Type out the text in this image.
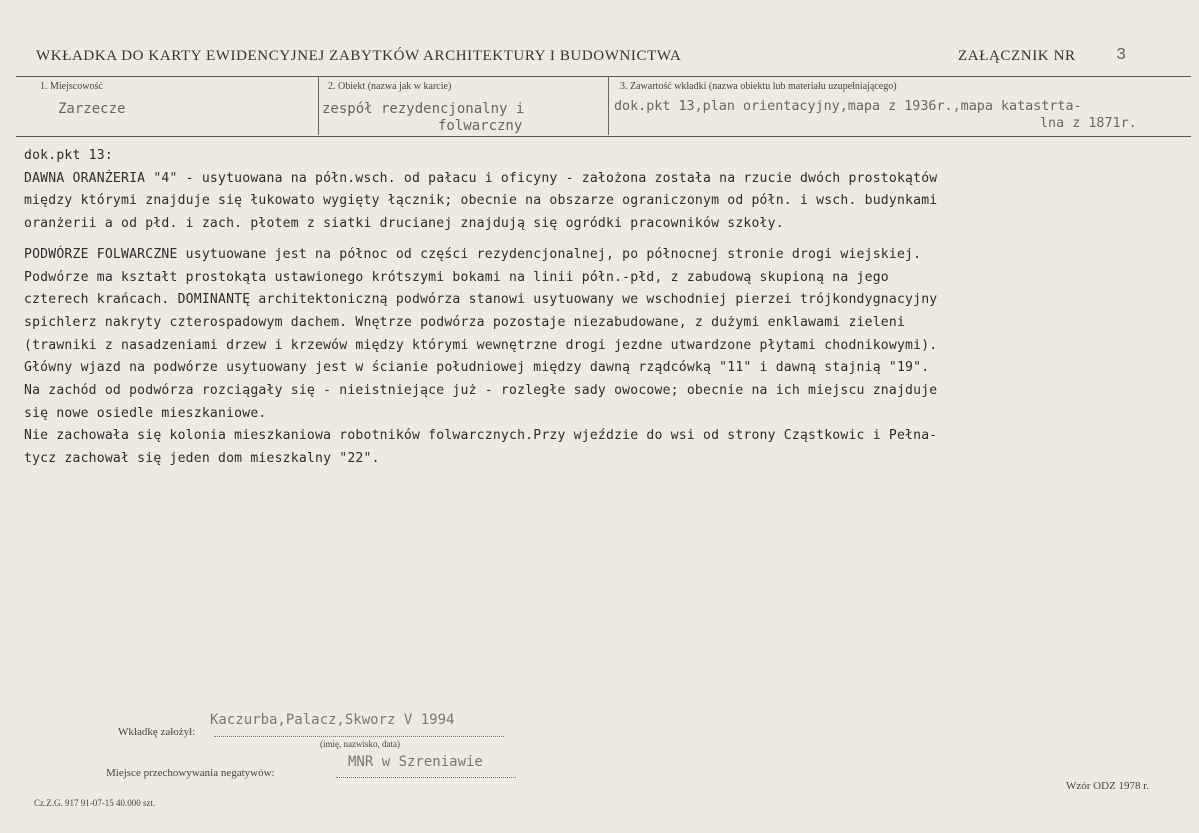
WKŁADKA DO KARTY EWIDENCYJNEJ ZABYTKÓW ARCHITEKTURY I BUDOWNICTWA	ZAŁĄCZNIK NR 3
1. Miejscowość
Zarzecze
2. Obiekt (nazwa jak w karcie)
zespół rezydencjonalny i
folwarczny
3. Zawartość wkładki (nazwa obiektu lub materiału uzupełniającego)
dok.pkt 13,plan orientacyjny,mapa z 1936r.,mapa katastrta-
lna z 1871r.

dok.pkt 13:

DAWNA ORANŻERIA "4" - usytuowana na półn.wsch. od pałacu i oficyny - założona została na rzucie dwóch prostokątów

między którymi znajduje się łukowato wygięty łącznik; obecnie na obszarze ograniczonym od półn. i wsch. budynkami

oranżerii a od płd. i zach. płotem z siatki drucianej znajdują się ogródki pracowników szkoły.

PODWÓRZE FOLWARCZNE usytuowane jest na północ od części rezydencjonalnej, po północnej stronie drogi wiejskiej.

Podwórze ma kształt prostokąta ustawionego krótszymi bokami na linii półn.-płd, z zabudową skupioną na jego

czterech krańcach. DOMINANTĘ architektoniczną podwórza stanowi usytuowany we wschodniej pierzei trójkondygnacyjny

spichlerz nakryty czterospadowym dachem. Wnętrze podwórza pozostaje niezabudowane, z dużymi enklawami zieleni

(trawniki z nasadzeniami drzew i krzewów między którymi wewnętrzne drogi jezdne utwardzone płytami chodnikowymi).

Główny wjazd na podwórze usytuowany jest w ścianie południowej między dawną rządcówką "11" i dawną stajnią "19".

Na zachód od podwórza rozciągały się - nieistniejące już - rozległe sady owocowe; obecnie na ich miejscu znajduje

się nowe osiedle mieszkaniowe.

Nie zachowała się kolonia mieszkaniowa robotników folwarcznych.Przy wjeździe do wsi od strony Cząstkowic i Pełna-

tycz zachował się jeden dom mieszkalny "22".

Wkładkę założył:
Kaczurba,Palacz,Skworz V 1994
(imię, nazwisko, data)
Miejsce przechowywania negatywów:
MNR w Szreniawie
Cz.Z.G. 917 91-07-15 40.000 szt.
Wzór ODZ 1978 r.
